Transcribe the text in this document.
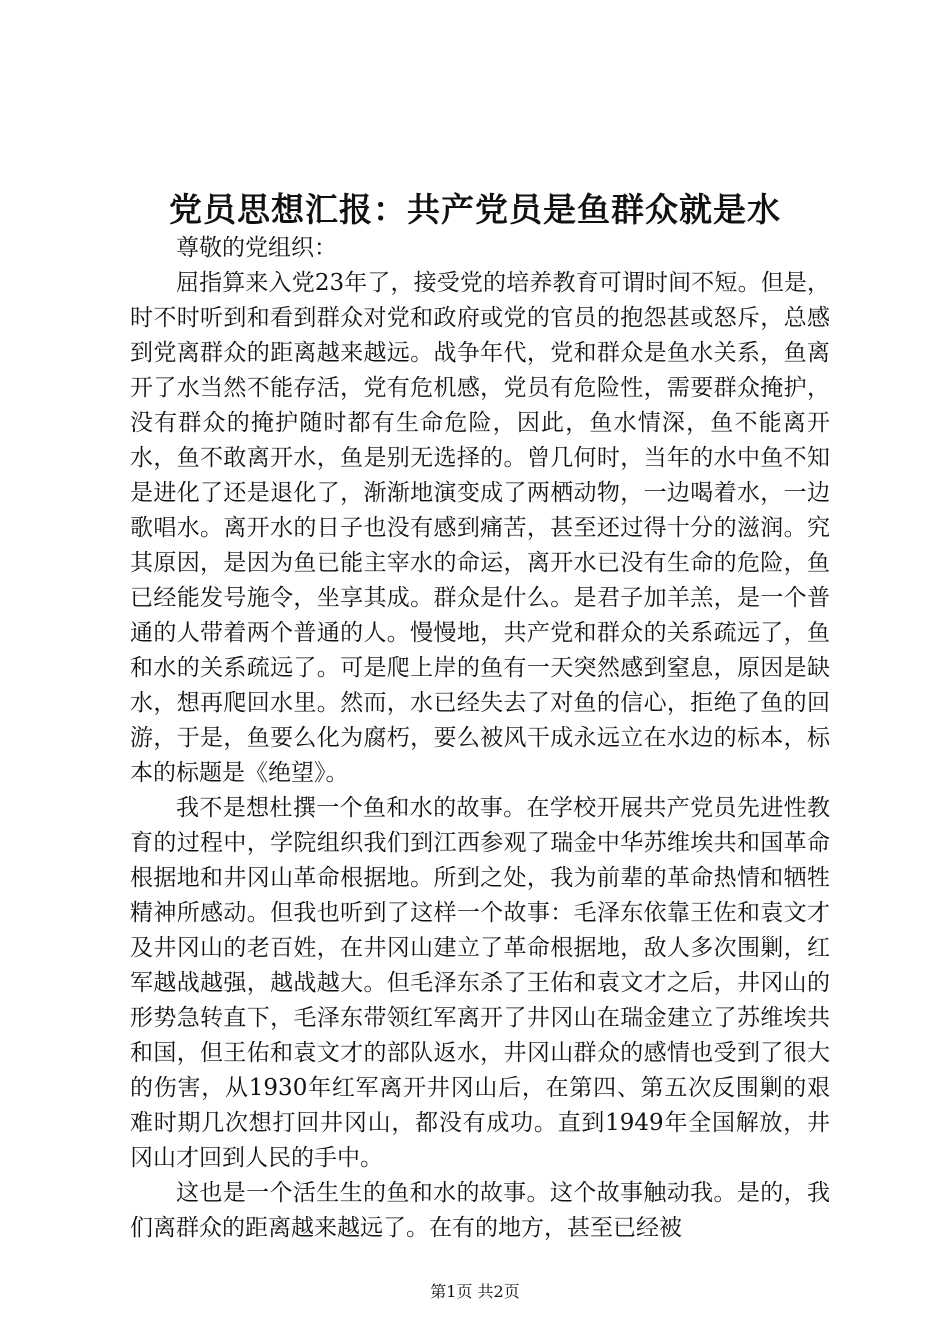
党员思想汇报：共产党员是鱼群众就是水

尊敬的党组织：

屈指算来入党23年了，接受党的培养教育可谓时间不短。但是，时不时听到和看到群众对党和政府或党的官员的抱怨甚或怒斥，总感到党离群众的距离越来越远。战争年代，党和群众是鱼水关系，鱼离开了水当然不能存活，党有危机感，党员有危险性，需要群众掩护，没有群众的掩护随时都有生命危险，因此，鱼水情深，鱼不能离开水，鱼不敢离开水，鱼是别无选择的。曾几何时，当年的水中鱼不知是进化了还是退化了，渐渐地演变成了两栖动物，一边喝着水，一边歌唱水。离开水的日子也没有感到痛苦，甚至还过得十分的滋润。究其原因，是因为鱼已能主宰水的命运，离开水已没有生命的危险，鱼已经能发号施令，坐享其成。群众是什么。是君子加羊羔，是一个普通的人带着两个普通的人。慢慢地，共产党和群众的关系疏远了，鱼和水的关系疏远了。可是爬上岸的鱼有一天突然感到窒息，原因是缺水，想再爬回水里。然而，水已经失去了对鱼的信心，拒绝了鱼的回游，于是，鱼要么化为腐朽，要么被风干成永远立在水边的标本，标本的标题是《绝望》。

我不是想杜撰一个鱼和水的故事。在学校开展共产党员先进性教育的过程中，学院组织我们到江西参观了瑞金中华苏维埃共和国革命根据地和井冈山革命根据地。所到之处，我为前辈的革命热情和牺牲精神所感动。但我也听到了这样一个故事：毛泽东依靠王佐和袁文才及井冈山的老百姓，在井冈山建立了革命根据地，敌人多次围剿，红军越战越强，越战越大。但毛泽东杀了王佑和袁文才之后，井冈山的形势急转直下，毛泽东带领红军离开了井冈山在瑞金建立了苏维埃共和国，但王佑和袁文才的部队返水，井冈山群众的感情也受到了很大的伤害，从1930年红军离开井冈山后，在第四、第五次反围剿的艰难时期几次想打回井冈山，都没有成功。直到1949年全国解放，井冈山才回到人民的手中。

这也是一个活生生的鱼和水的故事。这个故事触动我。是的，我们离群众的距离越来越远了。在有的地方，甚至已经被

第1页 共2页
